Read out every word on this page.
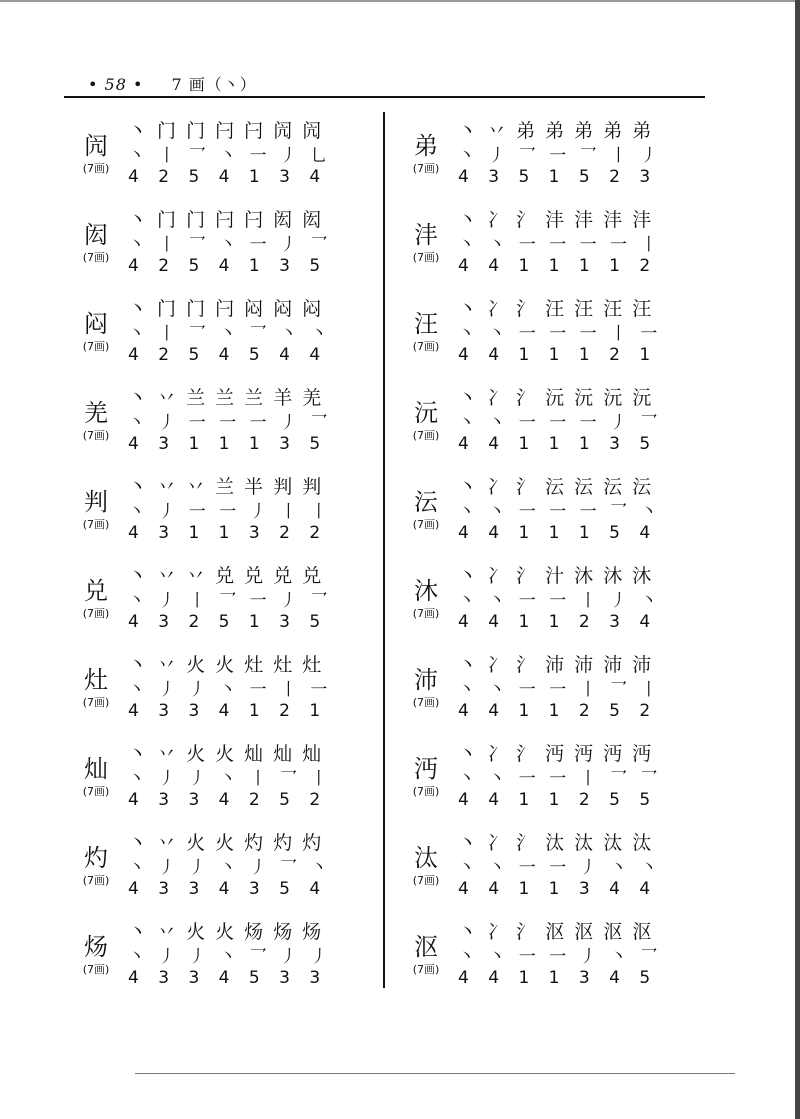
• 58 • 7 画（丶）
闶
(7画)
丶 门 门 闩 闩 闶 闶
丶 丨 乛 丶 一 丿 乚
4 2 5 4 1 3 4
闳
(7画)
丶 门 门 闩 闩 闳 闳
丶 丨 乛 丶 一 丿 乛
4 2 5 4 1 3 5
闷
(7画)
丶 门 门 闩 闷 闷 闷
丶 丨 乛 丶 乛 丶 丶
4 2 5 4 5 4 4
羌
(7画)
丶 丷 兰 兰 兰 羊 羌
丶 丿 一 一 一 丿 乛
4 3 1 1 1 3 5
判
(7画)
丶 丷 丷 兰 半 判 判
丶 丿 一 一 丿 丨 丨
4 3 1 1 3 2 2
兑
(7画)
丶 丷 丷 兑 兑 兑 兑
丶 丿 丨 乛 一 丿 乛
4 3 2 5 1 3 5
灶
(7画)
丶 丷 火 火 灶 灶 灶
丶 丿 丿 丶 一 丨 一
4 3 3 4 1 2 1
灿
(7画)
丶 丷 火 火 灿 灿 灿
丶 丿 丿 丶 丨 乛 丨
4 3 3 4 2 5 2
灼
(7画)
丶 丷 火 火 灼 灼 灼
丶 丿 丿 丶 丿 乛 丶
4 3 3 4 3 5 4
炀
(7画)
丶 丷 火 火 炀 炀 炀
丶 丿 丿 丶 乛 丿 丿
4 3 3 4 5 3 3
弟
(7画)
丶 丷 弟 弟 弟 弟 弟
丶 丿 乛 一 乛 丨 丿
4 3 5 1 5 2 3
沣
(7画)
丶 冫 氵 沣 沣 沣 沣
丶 丶 一 一 一 一 丨
4 4 1 1 1 1 2
汪
(7画)
丶 冫 氵 汪 汪 汪 汪
丶 丶 一 一 一 丨 一
4 4 1 1 1 2 1
沅
(7画)
丶 冫 氵 沅 沅 沅 沅
丶 丶 一 一 一 丿 乛
4 4 1 1 1 3 5
沄
(7画)
丶 冫 氵 沄 沄 沄 沄
丶 丶 一 一 一 乛 丶
4 4 1 1 1 5 4
沐
(7画)
丶 冫 氵 汁 沐 沐 沐
丶 丶 一 一 丨 丿 丶
4 4 1 1 2 3 4
沛
(7画)
丶 冫 氵 沛 沛 沛 沛
丶 丶 一 一 丨 乛 丨
4 4 1 1 2 5 2
沔
(7画)
丶 冫 氵 沔 沔 沔 沔
丶 丶 一 一 丨 乛 乛
4 4 1 1 2 5 5
汰
(7画)
丶 冫 氵 汰 汰 汰 汰
丶 丶 一 一 丿 丶 丶
4 4 1 1 3 4 4
沤
(7画)
丶 冫 氵 沤 沤 沤 沤
丶 丶 一 一 丿 丶 乛
4 4 1 1 3 4 5
